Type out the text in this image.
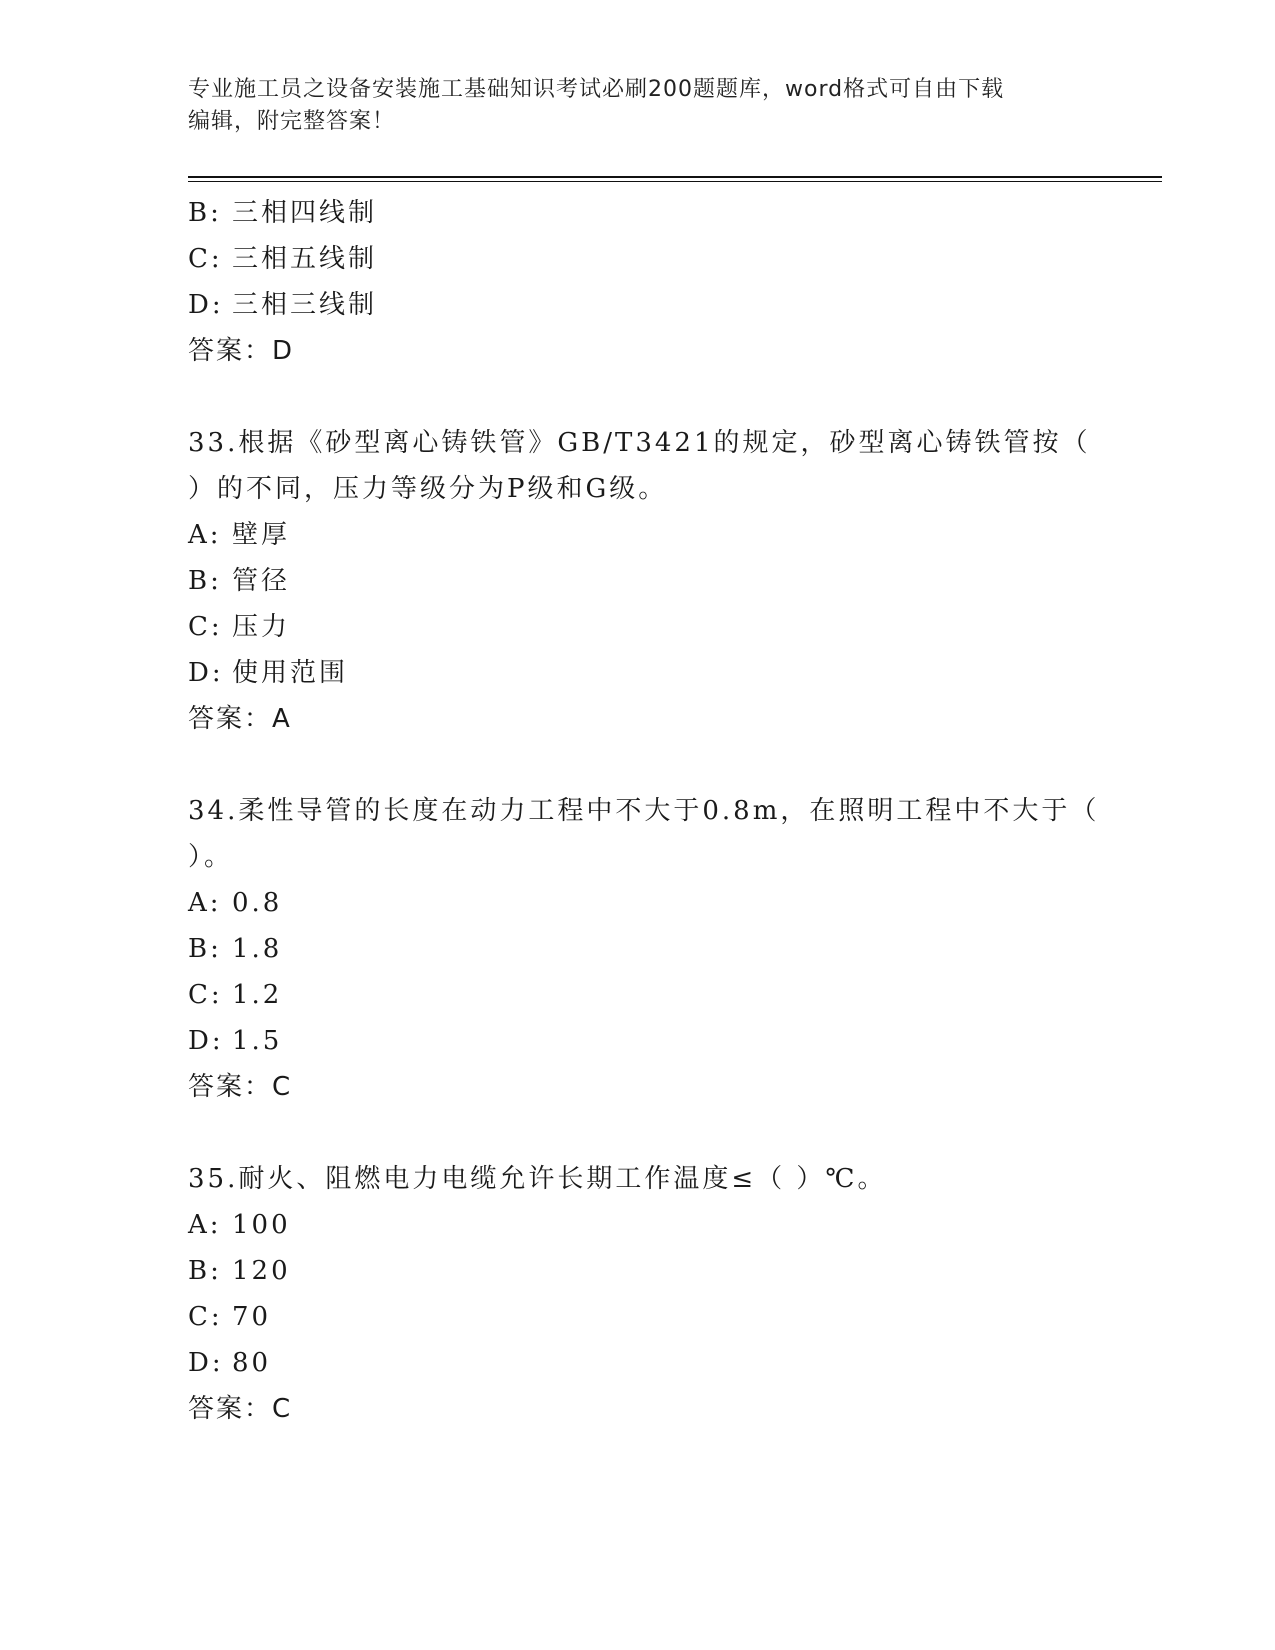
专业施工员之设备安装施工基础知识考试必刷200题题库，word格式可自由下载
编辑，附完整答案！
B: 三相四线制
C: 三相五线制
D: 三相三线制
答案：D
33.根据《砂型离心铸铁管》GB/T3421的规定，砂型离心铸铁管按（
）的不同，压力等级分为P级和G级。
A: 壁厚
B: 管径
C: 压力
D: 使用范围
答案：A
34.柔性导管的长度在动力工程中不大于0.8m，在照明工程中不大于（
）。
A: 0.8
B: 1.8
C: 1.2
D: 1.5
答案：C
35.耐火、阻燃电力电缆允许长期工作温度≤（ ）℃。
A: 100
B: 120
C: 70
D: 80
答案：C
